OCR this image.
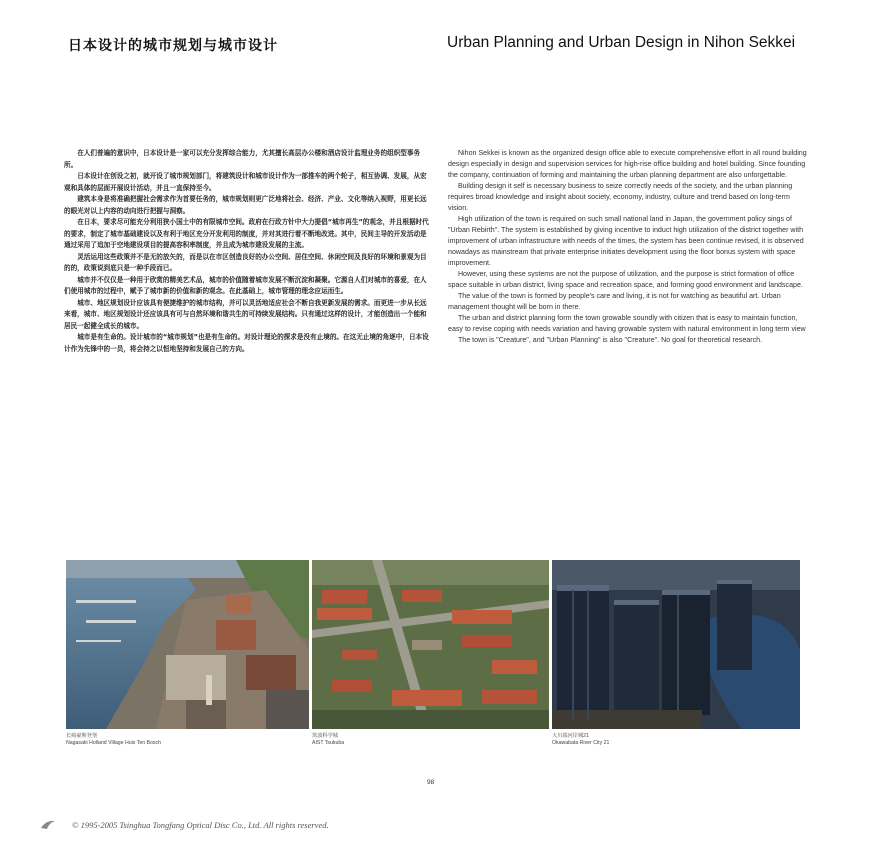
日本设计的城市规划与城市设计	Urban Planning and Urban Design in Nihon Sekkei

在人们普遍的意识中，日本设计是一家可以充分发挥综合能力，尤其擅长高层办公楼和酒店设计监理业务的组织型事务所。

日本设计在创设之初，就开设了城市规划部门，将建筑设计和城市设计作为一部推车的两个轮子，相互协调、发展，从宏观和具体的层面开展设计活动，并且一直保持至今。

建筑本身是将准确把握社会需求作为首要任务的，城市规划则更广泛地将社会、经济、产业、文化等纳入视野，用更长远的眼光对以上内容的动向进行把握与洞察。

在日本，要求尽可能充分利用狭小国土中的有限城市空间。政府在行政方针中大力提倡“城市再生”的观念，并且根据时代的要求，制定了城市基础建设以及有利于地区充分开发利用的制度，并对其进行着不断地改进。其中，民间主导的开发活动是通过采用了追加于空地建设项目的提高容积率制度，并且成为城市建设发展的主流。

灵活运用这些政策并不是无的放矢的，而是以在市区创造良好的办公空间、居住空间、休闲空间及良好的环境和景观为目的的，政策说到底只是一种手段而已。

城市并不仅仅是一种用于欣赏的精美艺术品，城市的价值随着城市发展不断沉淀和凝聚。它源自人们对城市的喜爱，在人们使用城市的过程中，赋予了城市新的价值和新的观念。在此基础上，城市管理的理念应运而生。

城市、地区规划设计应该具有便捷维护的城市结构，并可以灵活地适应社会不断自我更新发展的需求。而更进一步从长远来看，城市、地区规划设计还应该具有可与自然环境和谐共生的可持续发展结构。只有通过这样的设计，才能创造出一个能和居民一起健全成长的城市。

城市是有生命的。设计城市的“城市规划”也是有生命的。对设计理论的探求是没有止境的。在这无止境的角逐中，日本设计作为先锋中的一员，将会持之以恒地坚持和发展自己的方向。

Nihon Sekkei is known as the organized design office able to execute comprehensive effort in all round building design especially in design and supervision services for high-rise office building and hotel building. Since founding the company, continuation of forming and maintaining the urban planning department are also unforgettable.

Building design it self is necessary business to seize correctly needs of the society, and the urban planning requires broad knowledge and insight about society, economy, industry, culture and trend based on long-term vision.

High utilization of the town is required on such small national land in Japan, the government policy sings of "Urban Rebirth". The system is established by giving incentive to induct high utilization of the district together with improvement of urban infrastructure with needs of the times, the system has been continue revised, it is observed nowadays as mainstream that private enterprise initiates development using the floor bonus system with space improvement.

However, using these systems are not the purpose of utilization, and the purpose is strict formation of office space suitable in urban district, living space and recreation space, and forming good environment and landscape.

The value of the town is formed by people's care and living, it is not for watching as beautiful art. Urban management thought will be born in there.

The urban and district planning form the town growable soundly with citizen that is easy to maintain function, easy to revise coping with needs variation and having growable system with natural environment in long term view

The town is "Creature", and "Urban Planning" is also "Creature". No goal for theoretical research.

长崎豪斯登堡
Nagasaki Holland Village Huis Ten Bosch
筑波科学城
AIST Tsukuba
大川端河岸城21
Okawabata River City 21
98
© 1995-2005 Tsinghua Tongfang Optical Disc Co., Ltd. All rights reserved.
